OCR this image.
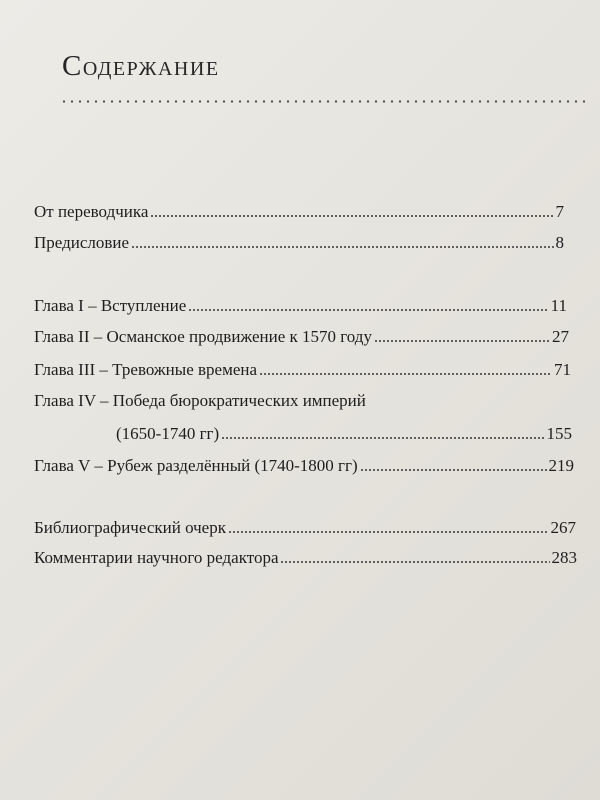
Содержание
От переводчика	7
Предисловие	8
Глава I – Вступление	11
Глава II – Османское продвижение к 1570 году	27
Глава III – Тревожные времена	71
Глава IV – Победа бюрократических империй
(1650-1740 гг)	155
Глава V – Рубеж разделённый (1740-1800 гг)	219
Библиографический очерк	267
Комментарии научного редактора	283
